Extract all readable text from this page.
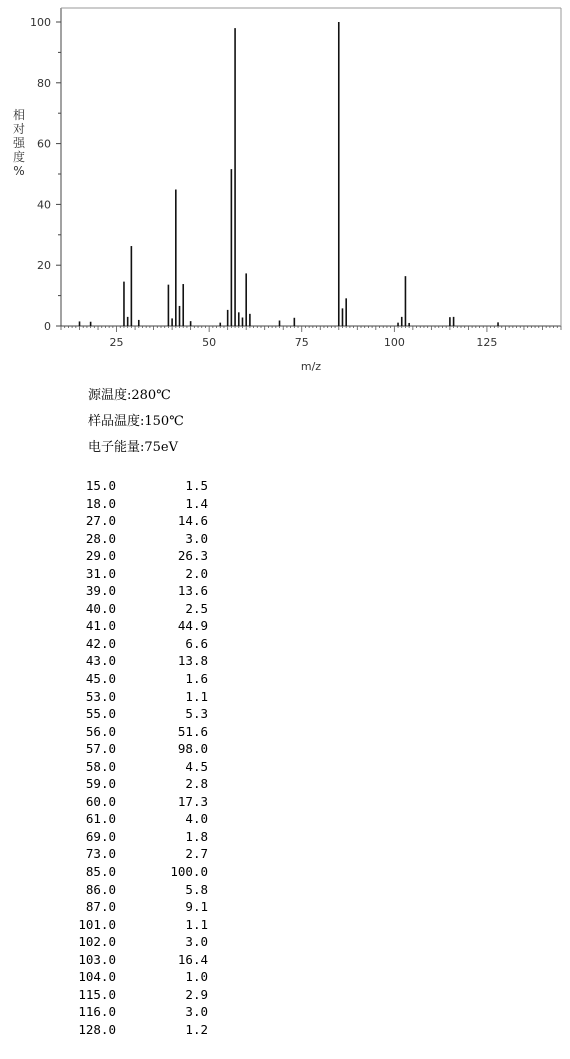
0
20
40
60
80
100
25	50	75	100	125
m/z
相
对
强
度
%
源温度:280℃
样品温度:150℃
电子能量:75eV
15.0	1.5
18.0	1.4
27.0	14.6
28.0	3.0
29.0	26.3
31.0	2.0
39.0	13.6
40.0	2.5
41.0	44.9
42.0	6.6
43.0	13.8
45.0	1.6
53.0	1.1
55.0	5.3
56.0	51.6
57.0	98.0
58.0	4.5
59.0	2.8
60.0	17.3
61.0	4.0
69.0	1.8
73.0	2.7
85.0	100.0
86.0	5.8
87.0	9.1
101.0	1.1
102.0	3.0
103.0	16.4
104.0	1.0
115.0	2.9
116.0	3.0
128.0	1.2
